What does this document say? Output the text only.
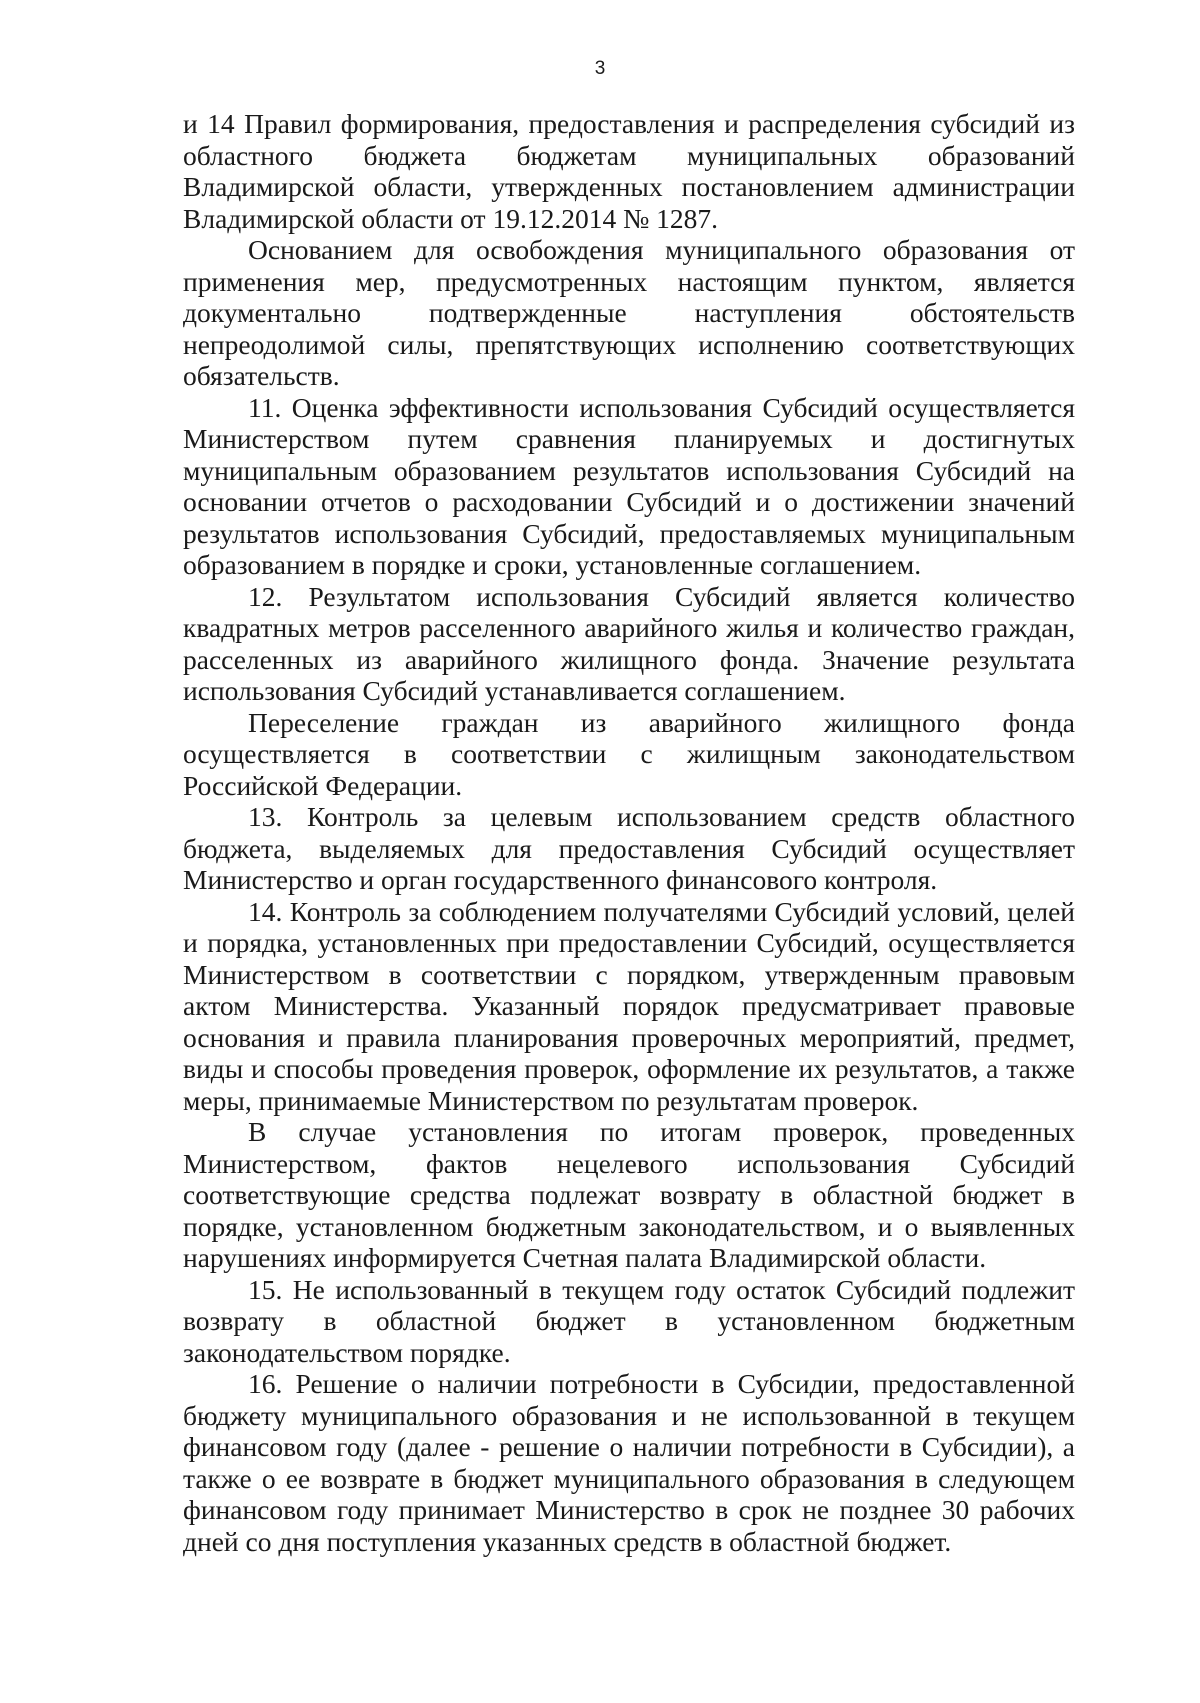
3

и 14 Правил формирования, предоставления и распределения субсидий из областного бюджета бюджетам муниципальных образований Владимирской области, утвержденных постановлением администрации Владимирской области от 19.12.2014 № 1287.

Основанием для освобождения муниципального образования от применения мер, предусмотренных настоящим пунктом, является документально подтвержденные наступления обстоятельств непреодолимой силы, препятствующих исполнению соответствующих обязательств.

11. Оценка эффективности использования Субсидий осуществляется Министерством путем сравнения планируемых и достигнутых муниципальным образованием результатов использования Субсидий на основании отчетов о расходовании Субсидий и о достижении значений результатов использования Субсидий, предоставляемых муниципальным образованием в порядке и сроки, установленные соглашением.

12. Результатом использования Субсидий является количество квадратных метров расселенного аварийного жилья и количество граждан, расселенных из аварийного жилищного фонда. Значение результата использования Субсидий устанавливается соглашением.

Переселение граждан из аварийного жилищного фонда осуществляется в соответствии с жилищным законодательством Российской Федерации.

13. Контроль за целевым использованием средств областного бюджета, выделяемых для предоставления Субсидий осуществляет Министерство и орган государственного финансового контроля.

14. Контроль за соблюдением получателями Субсидий условий, целей и порядка, установленных при предоставлении Субсидий, осуществляется Министерством в соответствии с порядком, утвержденным правовым актом Министерства. Указанный порядок предусматривает правовые основания и правила планирования проверочных мероприятий, предмет, виды и способы проведения проверок, оформление их результатов, а также меры, принимаемые Министерством по результатам проверок.

В случае установления по итогам проверок, проведенных Министерством, фактов нецелевого использования Субсидий соответствующие средства подлежат возврату в областной бюджет в порядке, установленном бюджетным законодательством, и о выявленных нарушениях информируется Счетная палата Владимирской области.

15. Не использованный в текущем году остаток Субсидий подлежит возврату в областной бюджет в установленном бюджетным законодательством порядке.

16. Решение о наличии потребности в Субсидии, предоставленной бюджету муниципального образования и не использованной в текущем финансовом году (далее - решение о наличии потребности в Субсидии), а также о ее возврате в бюджет муниципального образования в следующем финансовом году принимает Министерство в срок не позднее 30 рабочих дней со дня поступления указанных средств в областной бюджет.
